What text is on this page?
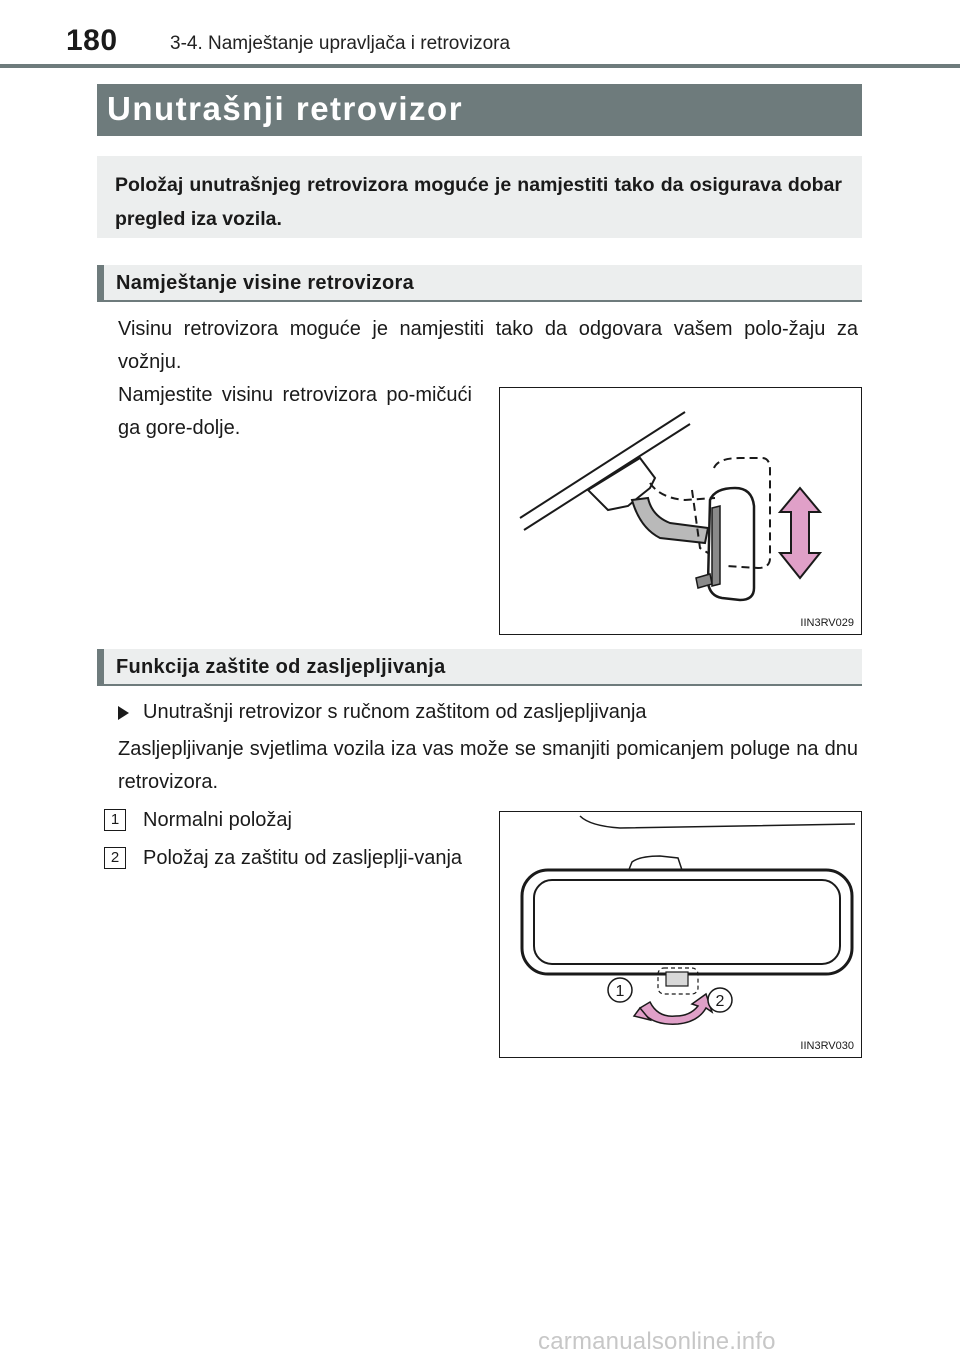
180	3-4. Namještanje upravljača i retrovizora
Unutrašnji retrovizor

Položaj unutrašnjeg retrovizora moguće je namjestiti tako da osigurava dobar pregled iza vozila.

Namještanje visine retrovizora

Visinu retrovizora moguće je namjestiti tako da odgovara vašem polo-žaju za vožnju.

Namjestite visinu retrovizora po-mičući ga gore-dolje.

IIN3RV029
Funkcija zaštite od zasljepljivanja

Unutrašnji retrovizor s ručnom zaštitom od zasljepljivanja

Zasljepljivanje svjetlima vozila iza vas može se smanjiti pomicanjem poluge na dnu retrovizora.

1	Normalni položaj

2	Položaj za zaštitu od zasljeplji-vanja

1
2
IIN3RV030
carmanualsonline.info
